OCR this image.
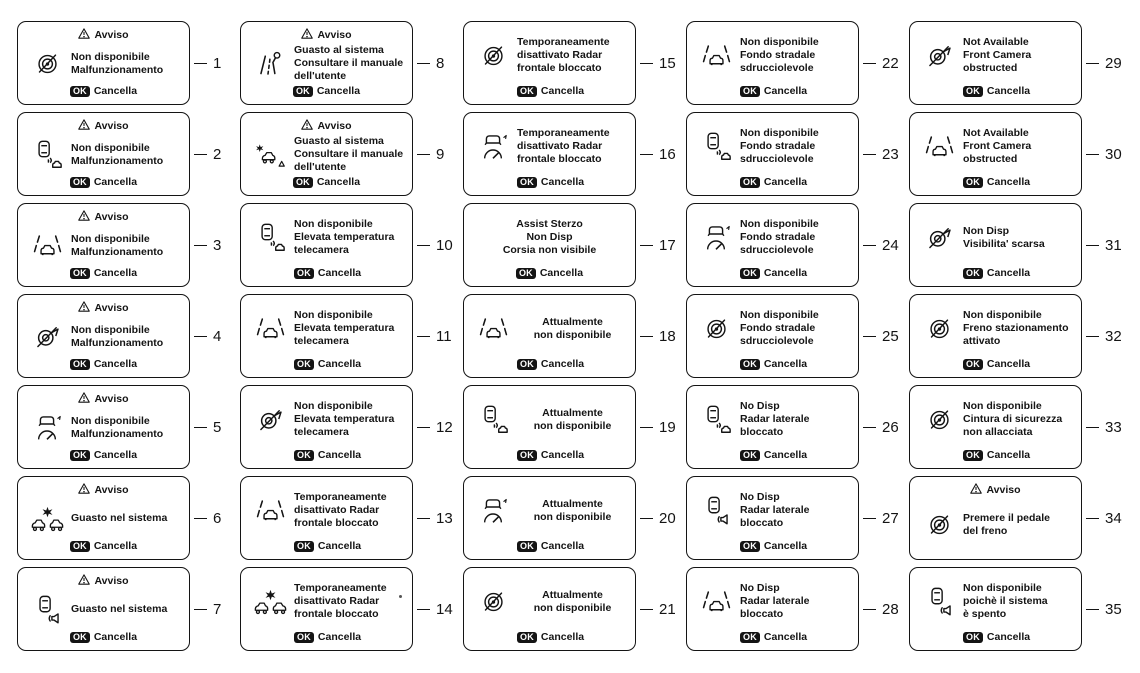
Avviso
Non disponibile
Malfunzionamento
OK Cancella
1
Avviso
Non disponibile
Malfunzionamento
OK Cancella
2
Avviso
Non disponibile
Malfunzionamento
OK Cancella
3
Avviso
Non disponibile
Malfunzionamento
OK Cancella
4
Avviso
Non disponibile
Malfunzionamento
OK Cancella
5
Avviso
Guasto nel sistema
OK Cancella
6
Avviso
Guasto nel sistema
OK Cancella
7
Avviso
Guasto al sistema
Consultare il manuale
dell'utente
OK Cancella
8
Avviso
Guasto al sistema
Consultare il manuale
dell'utente
OK Cancella
9
Non disponibile
Elevata temperatura
telecamera
OK Cancella
10
Non disponibile
Elevata temperatura
telecamera
OK Cancella
11
Non disponibile
Elevata temperatura
telecamera
OK Cancella
12
Temporaneamente
disattivato Radar
frontale bloccato
OK Cancella
13
Temporaneamente
disattivato Radar
frontale bloccato
OK Cancella
14
Temporaneamente
disattivato Radar
frontale bloccato
OK Cancella
15
Temporaneamente
disattivato Radar
frontale bloccato
OK Cancella
16
Assist Sterzo
Non Disp
Corsia non visibile
OK Cancella
17
Attualmente
non disponibile
OK Cancella
18
Attualmente
non disponibile
OK Cancella
19
Attualmente
non disponibile
OK Cancella
20
Attualmente
non disponibile
OK Cancella
21
Non disponibile
Fondo stradale
sdrucciolevole
OK Cancella
22
Non disponibile
Fondo stradale
sdrucciolevole
OK Cancella
23
Non disponibile
Fondo stradale
sdrucciolevole
OK Cancella
24
Non disponibile
Fondo stradale
sdrucciolevole
OK Cancella
25
No Disp
Radar laterale
bloccato
OK Cancella
26
No Disp
Radar laterale
bloccato
OK Cancella
27
No Disp
Radar laterale
bloccato
OK Cancella
28
Not Available
Front Camera
obstructed
OK Cancella
29
Not Available
Front Camera
obstructed
OK Cancella
30
Non Disp
Visibilita' scarsa
OK Cancella
31
Non disponibile
Freno stazionamento
attivato
OK Cancella
32
Non disponibile
Cintura di sicurezza
non allacciata
OK Cancella
33
Avviso
Premere il pedale
del freno
34
Non disponibile
poichè il sistema
è spento
OK Cancella
35
